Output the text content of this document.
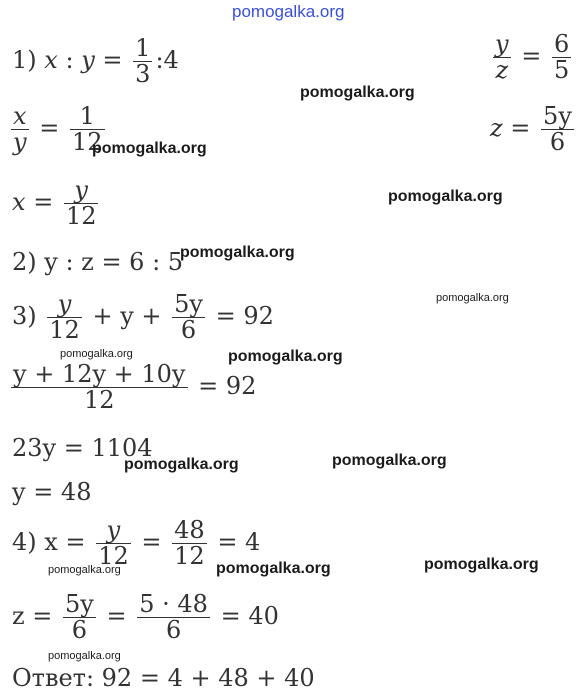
pomogalka.org
1) x : $y = \frac{1}{3}$ :4	$\frac{y}{z} = \frac{6}{5}$
$z = \frac{5y}{6}$
$\frac{x}{y} = \frac{1}{12}$
$x = \frac{y}{12}$
2) y : z = 6 : 5
$3) \frac{y}{12} + y + \frac{5y}{6} = 92$
$\frac{y + 12y + 10y}{12} = 92$
23y = 1104
y = 48
4) $x = \frac{y}{12} = \frac{48}{12} = 4$
$z = \frac{5y}{6} = \frac{5 \cdot 48}{6} = 40$
Ответ: 92 = 4 + 48 + 40
pomogalka.org
pomogalka.org
pomogalka.org
pomogalka.org
pomogalka.org
pomogalka.org	pomogalka.org
pomogalka.org	pomogalka.org
pomogalka.org	pomogalka.org	pomogalka.org
pomogalka.org
